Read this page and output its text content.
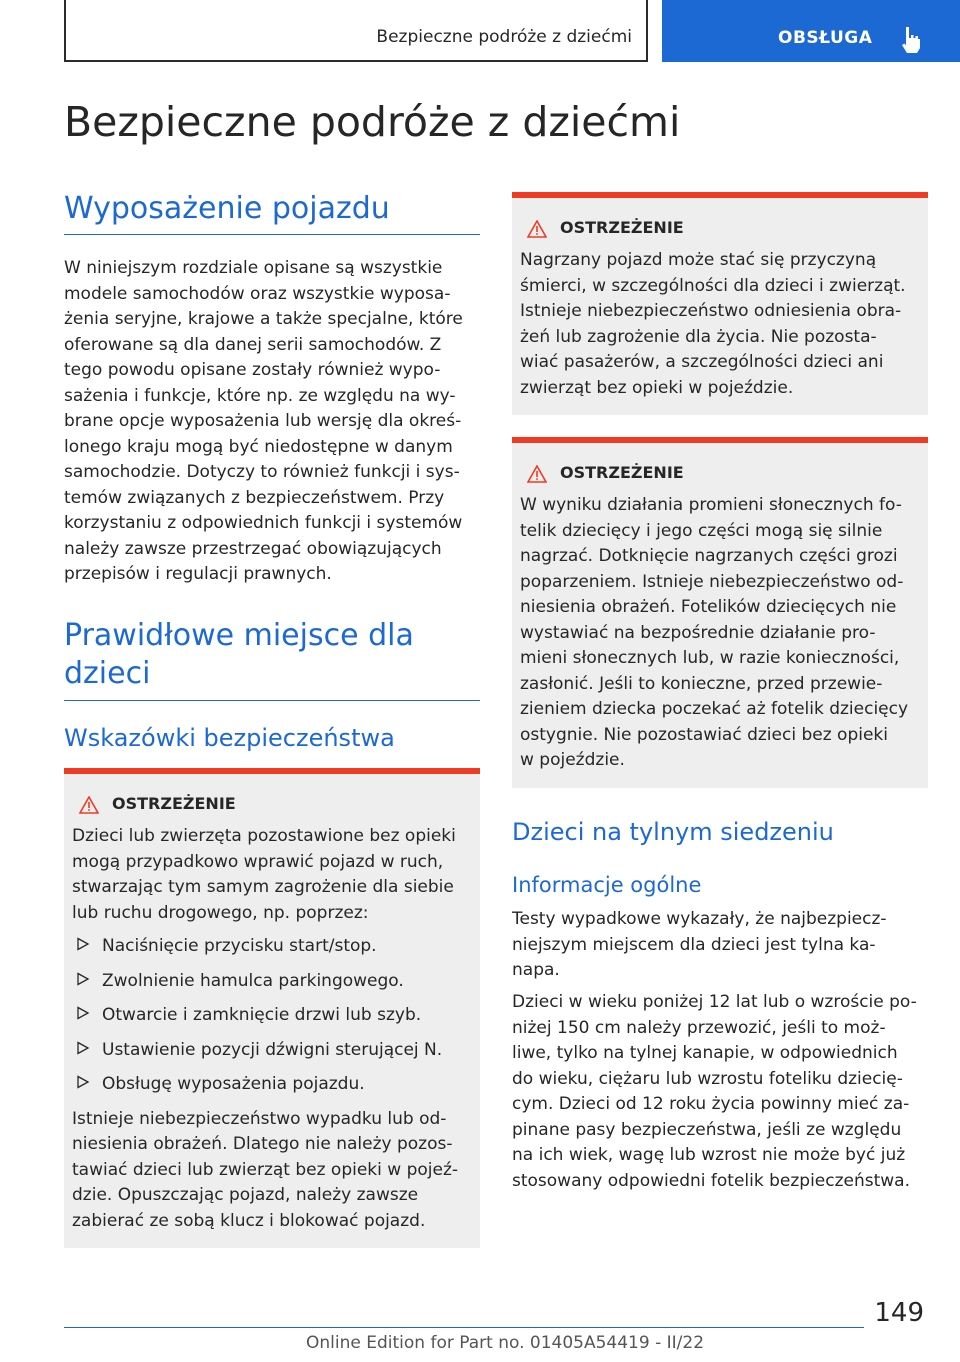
Bezpieczne podróże z dziećmi	OBSŁUGA
Bezpieczne podróże z dziećmi
Wyposażenie pojazdu
W niniejszym rozdziale opisane są wszystkie
modele samochodów oraz wszystkie wyposa-
żenia seryjne, krajowe a także specjalne, które
oferowane są dla danej serii samochodów. Z
tego powodu opisane zostały również wypo-
sażenia i funkcje, które np. ze względu na wy-
brane opcje wyposażenia lub wersję dla okreś-
lonego kraju mogą być niedostępne w danym
samochodzie. Dotyczy to również funkcji i sys-
temów związanych z bezpieczeństwem. Przy
korzystaniu z odpowiednich funkcji i systemów
należy zawsze przestrzegać obowiązujących
przepisów i regulacji prawnych.
Prawidłowe miejsce dla
dzieci
Wskazówki bezpieczeństwa
OSTRZEŻENIE

Dzieci lub zwierzęta pozostawione bez opieki
mogą przypadkowo wprawić pojazd w ruch,
stwarzając tym samym zagrożenie dla siebie
lub ruchu drogowego, np. poprzez:

Naciśnięcie przycisku start/stop.
Zwolnienie hamulca parkingowego.
Otwarcie i zamknięcie drzwi lub szyb.
Ustawienie pozycji dźwigni sterującej N.
Obsługę wyposażenia pojazdu.

Istnieje niebezpieczeństwo wypadku lub od-
niesienia obrażeń. Dlatego nie należy pozos-
tawiać dzieci lub zwierząt bez opieki w pojeź-
dzie. Opuszczając pojazd, należy zawsze
zabierać ze sobą klucz i blokować pojazd.

OSTRZEŻENIE

Nagrzany pojazd może stać się przyczyną
śmierci, w szczególności dla dzieci i zwierząt.
Istnieje niebezpieczeństwo odniesienia obra-
żeń lub zagrożenie dla życia. Nie pozosta-
wiać pasażerów, a szczególności dzieci ani
zwierząt bez opieki w pojeździe.

OSTRZEŻENIE

W wyniku działania promieni słonecznych fo-
telik dziecięcy i jego części mogą się silnie
nagrzać. Dotknięcie nagrzanych części grozi
poparzeniem. Istnieje niebezpieczeństwo od-
niesienia obrażeń. Fotelików dziecięcych nie
wystawiać na bezpośrednie działanie pro-
mieni słonecznych lub, w razie konieczności,
zasłonić. Jeśli to konieczne, przed przewie-
zieniem dziecka poczekać aż fotelik dziecięcy
ostygnie. Nie pozostawiać dzieci bez opieki
w pojeździe.

Dzieci na tylnym siedzeniu
Informacje ogólne
Testy wypadkowe wykazały, że najbezpiecz-
niejszym miejscem dla dzieci jest tylna ka-
napa.
Dzieci w wieku poniżej 12 lat lub o wzroście po-
niżej 150 cm należy przewozić, jeśli to moż-
liwe, tylko na tylnej kanapie, w odpowiednich
do wieku, ciężaru lub wzrostu foteliku dziecię-
cym. Dzieci od 12 roku życia powinny mieć za-
pinane pasy bezpieczeństwa, jeśli ze względu
na ich wiek, wagę lub wzrost nie może być już
stosowany odpowiedni fotelik bezpieczeństwa.
149
Online Edition for Part no. 01405A54419 - II/22
